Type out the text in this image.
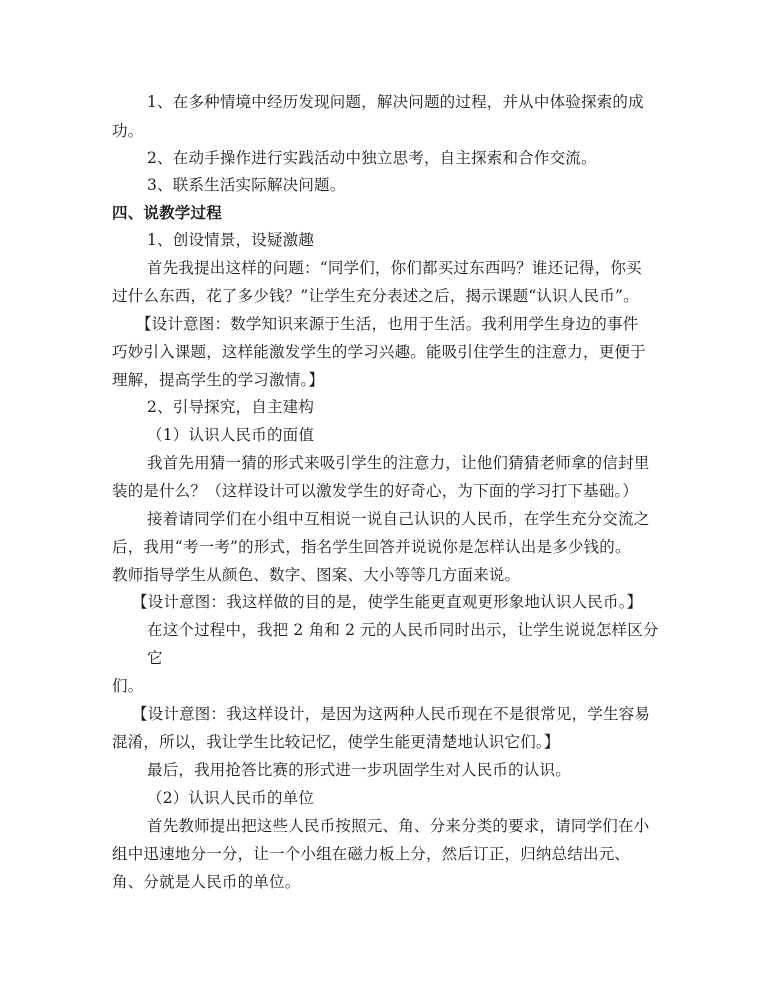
1、在多种情境中经历发现问题，解决问题的过程，并从中体验探索的成
功。
2、在动手操作进行实践活动中独立思考，自主探索和合作交流。
3、联系生活实际解决问题。
四、说教学过程
1、创设情景，设疑激趣
首先我提出这样的问题：“同学们，你们都买过东西吗？谁还记得，你买
过什么东西，花了多少钱？”让学生充分表述之后，揭示课题“认识人民币”。
【设计意图：数学知识来源于生活，也用于生活。我利用学生身边的事件
巧妙引入课题，这样能激发学生的学习兴趣。能吸引住学生的注意力，更便于
理解，提高学生的学习激情。】
2、引导探究，自主建构
（1）认识人民币的面值
我首先用猜一猜的形式来吸引学生的注意力，让他们猜猜老师拿的信封里
装的是什么？（这样设计可以激发学生的好奇心，为下面的学习打下基础。）
接着请同学们在小组中互相说一说自己认识的人民币，在学生充分交流之
后，我用“考一考”的形式，指名学生回答并说说你是怎样认出是多少钱的。
教师指导学生从颜色、数字、图案、大小等等几方面来说。
【设计意图：我这样做的目的是，使学生能更直观更形象地认识人民币。】
在这个过程中，我把 2 角和 2 元的人民币同时出示，让学生说说怎样区分
它
们。
【设计意图：我这样设计，是因为这两种人民币现在不是很常见，学生容易
混淆，所以，我让学生比较记忆，使学生能更清楚地认识它们。】
最后，我用抢答比赛的形式进一步巩固学生对人民币的认识。
（2）认识人民币的单位
首先教师提出把这些人民币按照元、角、分来分类的要求，请同学们在小
组中迅速地分一分，让一个小组在磁力板上分，然后订正，归纳总结出元、
角、分就是人民币的单位。
